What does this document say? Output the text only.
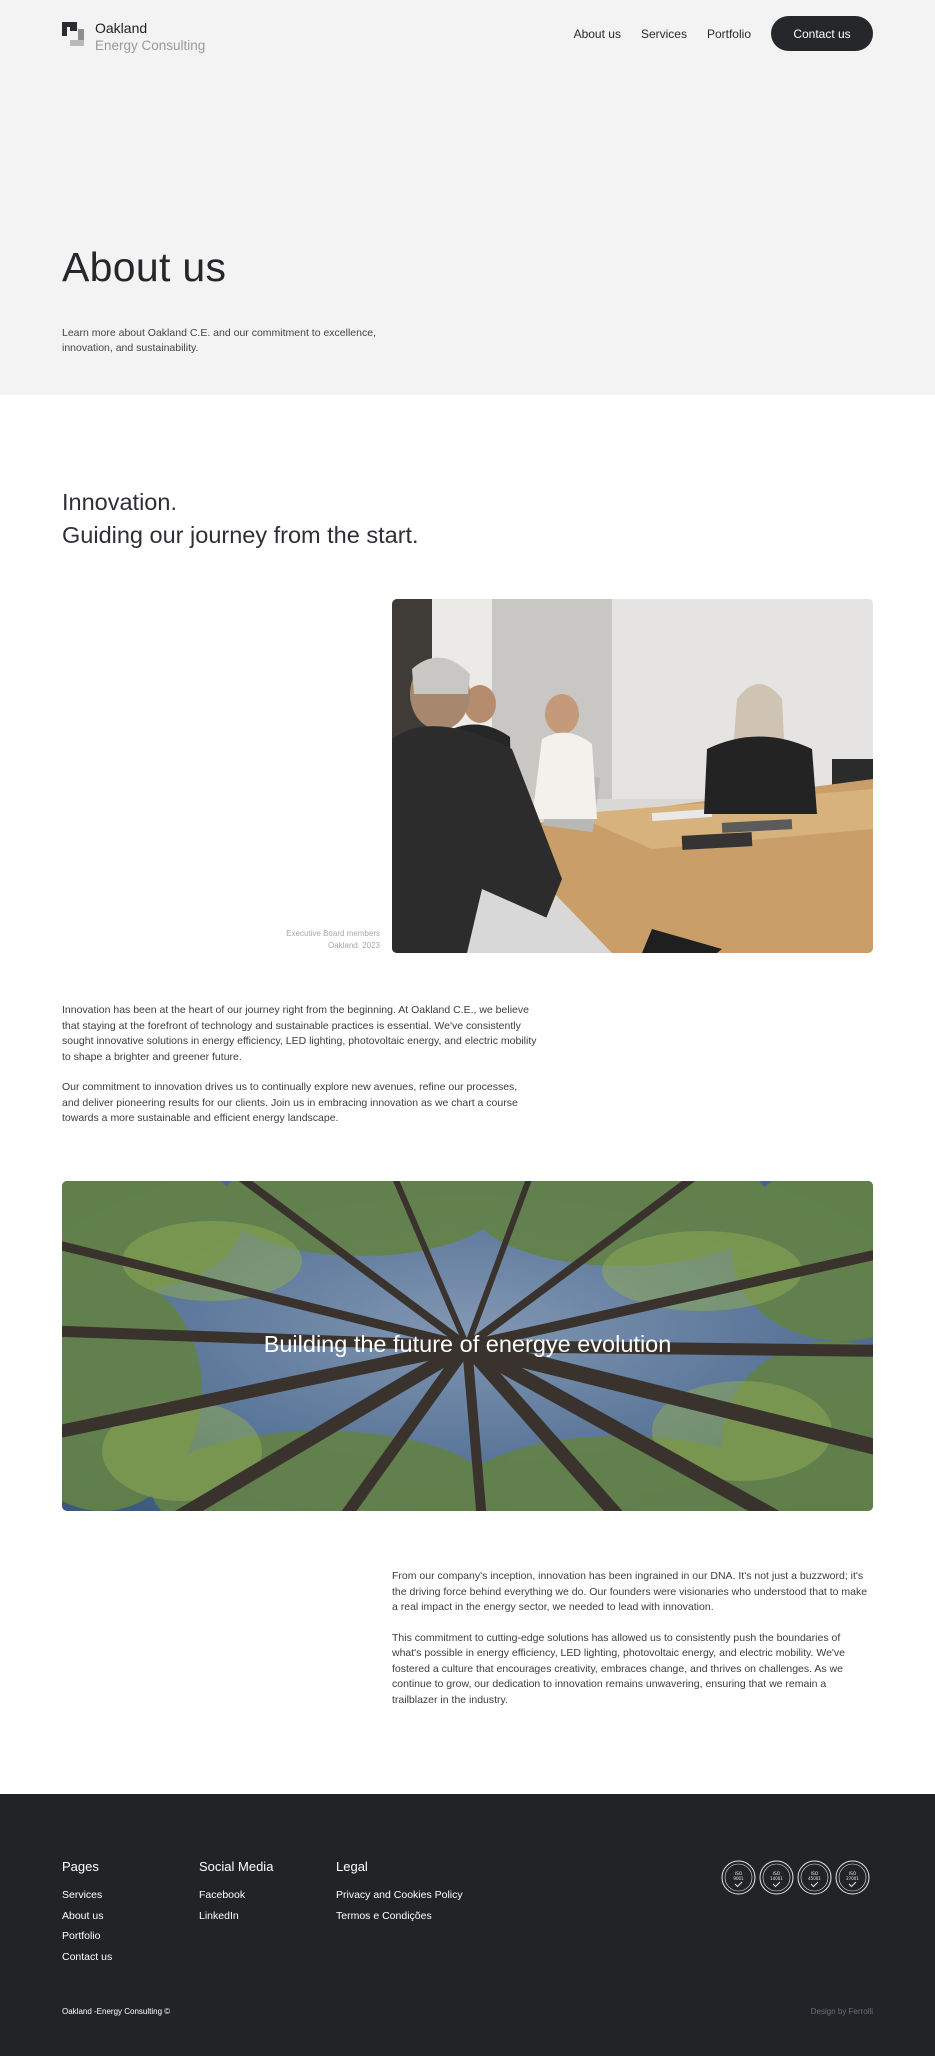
Oakland
Energy Consulting
About us Services Portfolio	Contact us
About us

Learn more about Oakland C.E. and our commitment to excellence, innovation, and sustainability.

Innovation.
Guiding our journey from the start.
Executive Board members
Oakland. 2023

Innovation has been at the heart of our journey right from the beginning. At Oakland C.E., we believe that staying at the forefront of technology and sustainable practices is essential. We've consistently sought innovative solutions in energy efficiency, LED lighting, photovoltaic energy, and electric mobility to shape a brighter and greener future.

Our commitment to innovation drives us to continually explore new avenues, refine our processes, and deliver pioneering results for our clients. Join us in embracing innovation as we chart a course towards a more sustainable and efficient energy landscape.

Building the future of energye evolution

From our company's inception, innovation has been ingrained in our DNA. It's not just a buzzword; it's the driving force behind everything we do. Our founders were visionaries who understood that to make a real impact in the energy sector, we needed to lead with innovation.

This commitment to cutting-edge solutions has allowed us to consistently push the boundaries of what's possible in energy efficiency, LED lighting, photovoltaic energy, and electric mobility. We've fostered a culture that encourages creativity, embraces change, and thrives on challenges. As we continue to grow, our dedication to innovation remains unwavering, ensuring that we remain a trailblazer in the industry.

Pages
Services
About us
Portfolio
Contact us
Social Media
Facebook
LinkedIn
Legal
Privacy and Cookies Policy
Termos e Condições
ISO
9001
ISO
14001
ISO
45001
ISO
27001

Oakland -Energy Consulting ©	Design by Ferrolli
